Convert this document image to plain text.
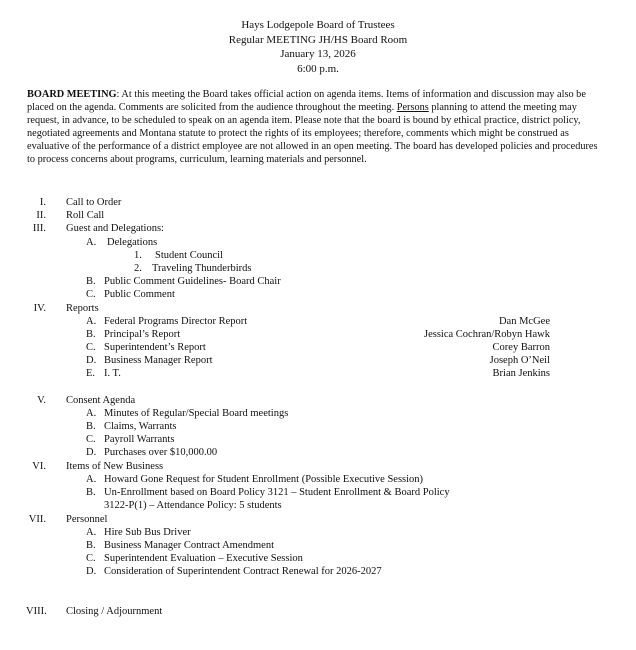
Hays Lodgepole Board of Trustees
Regular MEETING JH/HS Board Room
January 13, 2026
6:00 p.m.
BOARD MEETING: At this meeting the Board takes official action on agenda items. Items of information and discussion may also be placed on the agenda. Comments are solicited from the audience throughout the meeting. Persons planning to attend the meeting may request, in advance, to be scheduled to speak on an agenda item. Please note that the board is bound by ethical practice, district policy, negotiated agreements and Montana statute to protect the rights of its employees; therefore, comments which might be construed as evaluative of the performance of a district employee are not allowed in an open meeting. The board has developed policies and procedures to process concerns about programs, curriculum, learning materials and personnel.
I. Call to Order
II. Roll Call
III. Guest and Delegations:
A. Delegations
1. Student Council
2. Traveling Thunderbirds
B. Public Comment Guidelines- Board Chair
C. Public Comment
IV. Reports
A. Federal Programs Director Report	Dan McGee
B. Principal’s Report	Jessica Cochran/Robyn Hawk
C. Superintendent’s Report	Corey Barron
D. Business Manager Report	Joseph O’Neil
E. I. T.	Brian Jenkins
V. Consent Agenda
A. Minutes of Regular/Special Board meetings
B. Claims, Warrants
C. Payroll Warrants
D. Purchases over $10,000.00
VI. Items of New Business
A. Howard Gone Request for Student Enrollment (Possible Executive Session)
B. Un-Enrollment based on Board Policy 3121 – Student Enrollment & Board Policy
3122-P(1) – Attendance Policy: 5 students
VII. Personnel
A. Hire Sub Bus Driver
B. Business Manager Contract Amendment
C. Superintendent Evaluation – Executive Session
D. Consideration of Superintendent Contract Renewal for 2026-2027
VIII. Closing / Adjournment
